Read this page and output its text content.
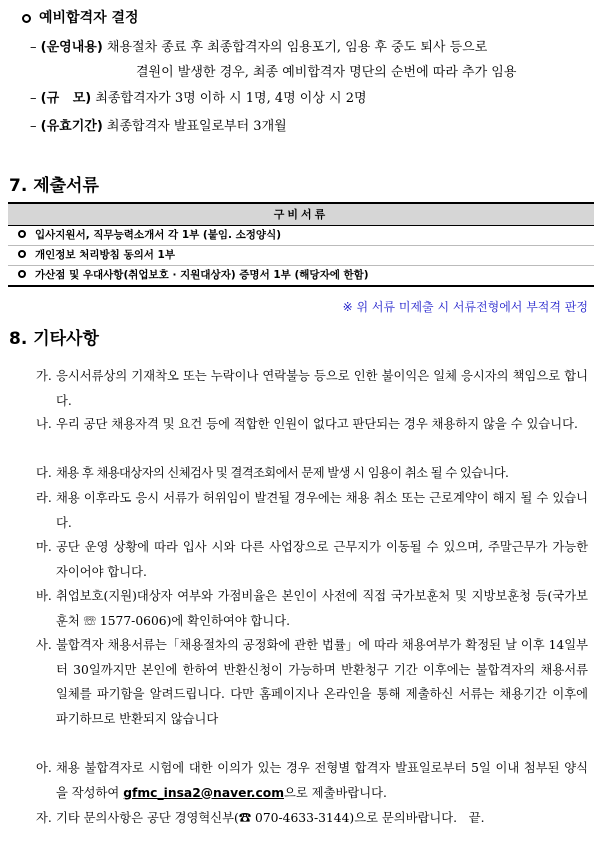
예비합격자 결정
– (운영내용) 채용절차 종료 후 최종합격자의 임용포기, 임용 후 중도 퇴사 등으로
결원이 발생한 경우, 최종 예비합격자 명단의 순번에 따라 추가 임용
– (규   모) 최종합격자가 3명 이하 시 1명, 4명 이상 시 2명
– (유효기간) 최종합격자 발표일로부터 3개월
7. 제출서류
구비서류
입사지원서, 직무능력소개서 각 1부 (붙임. 소정양식)
개인정보 처리방침 동의서 1부
가산점 및 우대사항(취업보호 · 지원대상자) 증명서 1부 (해당자에 한함)
※ 위 서류 미제출 시 서류전형에서 부적격 판정
8. 기타사항
가. 응시서류상의 기재착오 또는 누락이나 연락불능 등으로 인한 불이익은 일체 응시자의 책임으로 합니다.
나. 우리 공단 채용자격 및 요건 등에 적합한 인원이 없다고 판단되는 경우 채용하지 않을 수 있습니다.
다. 채용 후 채용대상자의 신체검사 및 결격조회에서 문제 발생 시 임용이 취소 될 수 있습니다.
라. 채용 이후라도 응시 서류가 허위임이 발견될 경우에는 채용 취소 또는 근로계약이 해지 될 수 있습니다.
마. 공단 운영 상황에 따라 입사 시와 다른 사업장으로 근무지가 이동될 수 있으며, 주말근무가 가능한 자이어야 합니다.
바. 취업보호(지원)대상자 여부와 가점비율은 본인이 사전에 직접 국가보훈처 및 지방보훈청 등(국가보훈처 ☏ 1577-0606)에 확인하여야 합니다.
사. 불합격자 채용서류는「채용절차의 공정화에 관한 법률」에 따라 채용여부가 확정된 날 이후 14일부터 30일까지만 본인에 한하여 반환신청이 가능하며 반환청구 기간 이후에는 불합격자의 채용서류 일체를 파기함을 알려드립니다. 다만 홈페이지나 온라인을 통해 제출하신 서류는 채용기간 이후에 파기하므로 반환되지 않습니다
아. 채용 불합격자로 시험에 대한 이의가 있는 경우 전형별 합격자 발표일로부터 5일 이내 첨부된 양식을 작성하여 gfmc_insa2@naver.com으로 제출바랍니다.
자. 기타 문의사항은 공단 경영혁신부(☎ 070-4633-3144)으로 문의바랍니다.   끝.
